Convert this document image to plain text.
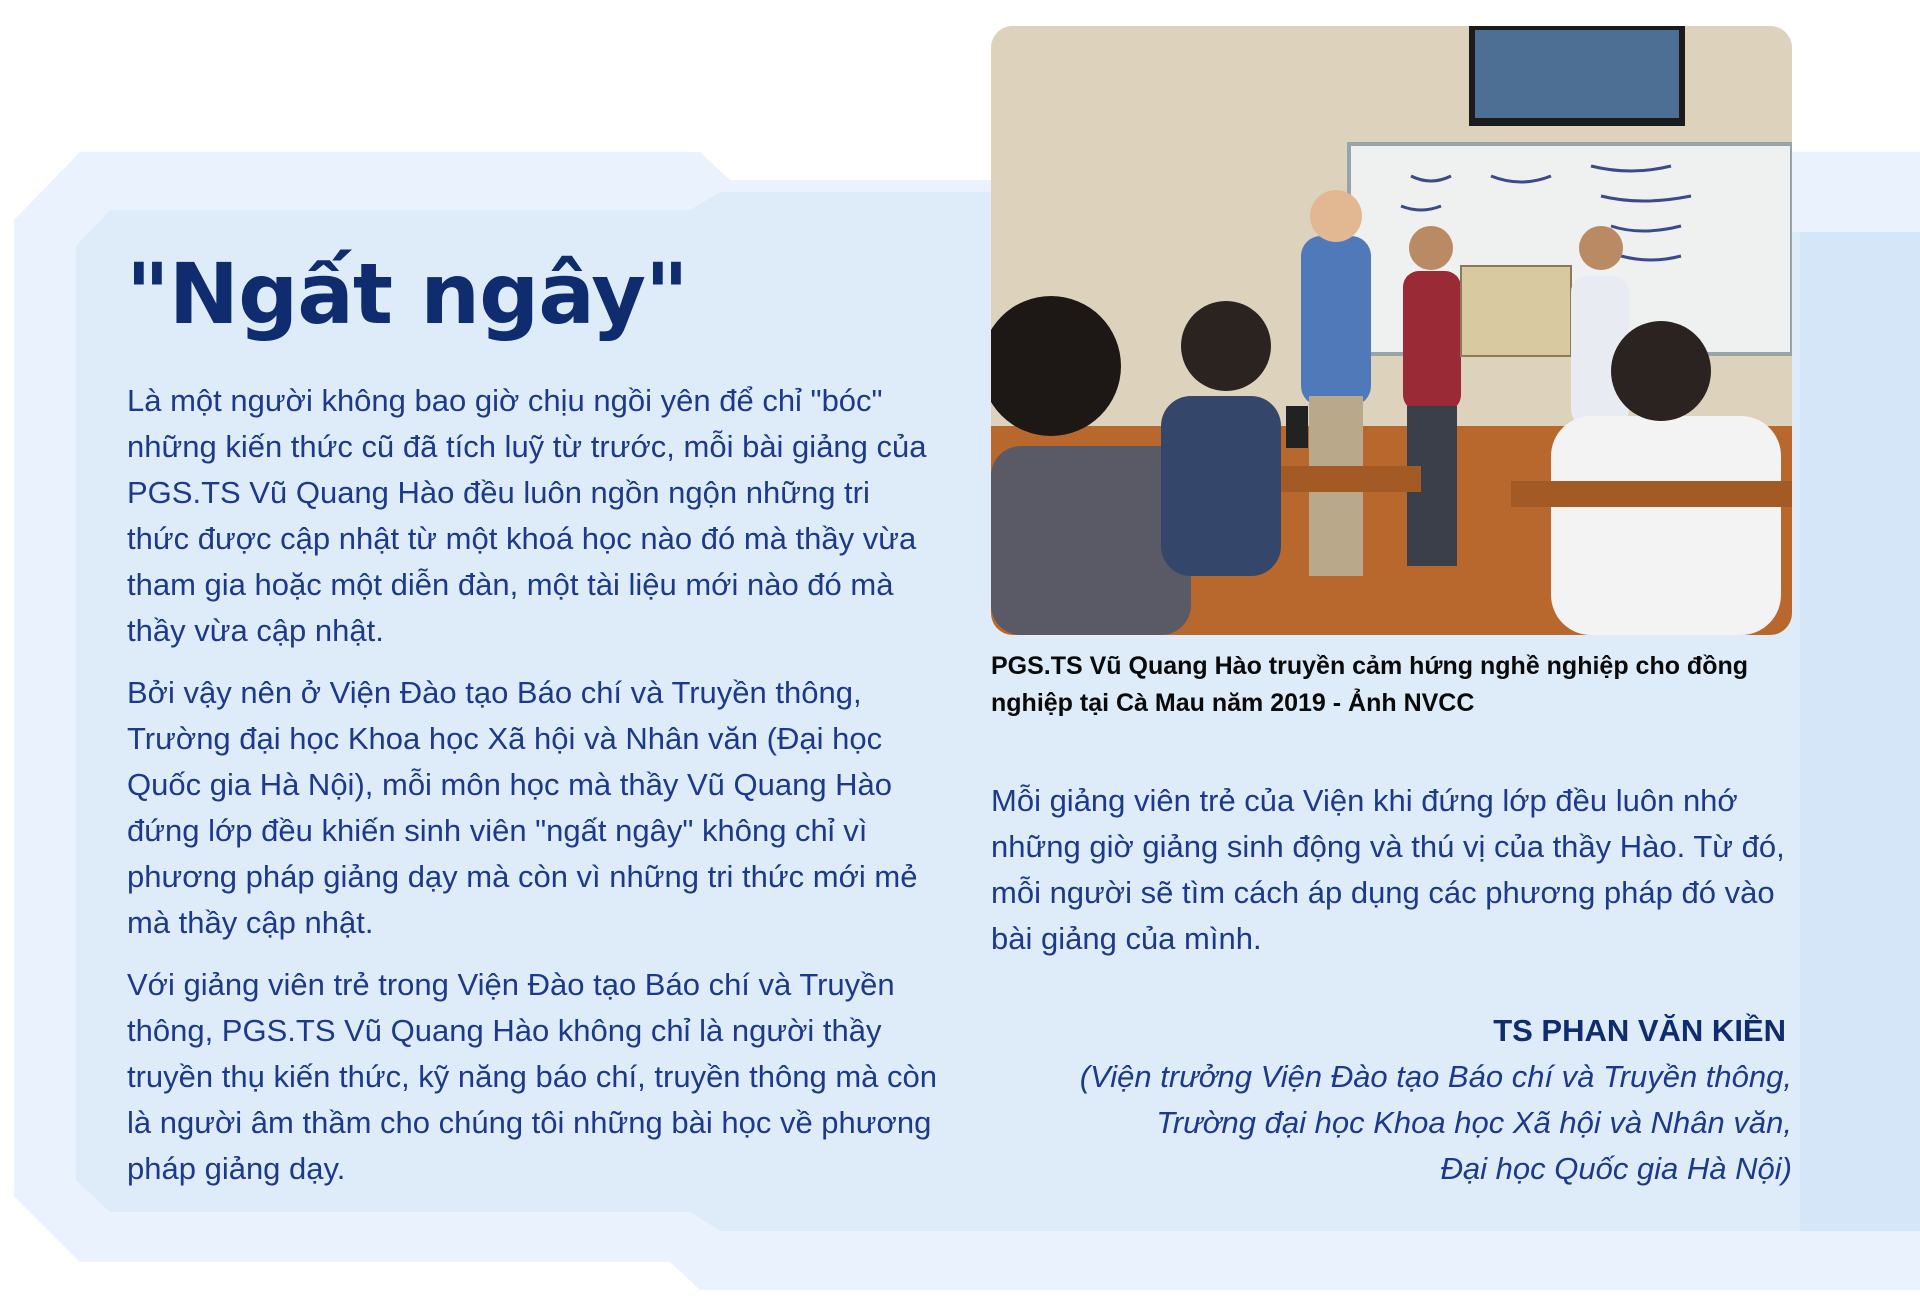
"Ngất ngây"

Là một người không bao giờ chịu ngồi yên để chỉ "bóc" những kiến thức cũ đã tích luỹ từ trước, mỗi bài giảng của PGS.TS Vũ Quang Hào đều luôn ngồn ngộn những tri thức được cập nhật từ một khoá học nào đó mà thầy vừa tham gia hoặc một diễn đàn, một tài liệu mới nào đó mà thầy vừa cập nhật.

Bởi vậy nên ở Viện Đào tạo Báo chí và Truyền thông, Trường đại học Khoa học Xã hội và Nhân văn (Đại học Quốc gia Hà Nội), mỗi môn học mà thầy Vũ Quang Hào đứng lớp đều khiến sinh viên "ngất ngây" không chỉ vì phương pháp giảng dạy mà còn vì những tri thức mới mẻ mà thầy cập nhật.

Với giảng viên trẻ trong Viện Đào tạo Báo chí và Truyền thông, PGS.TS Vũ Quang Hào không chỉ là người thầy truyền thụ kiến thức, kỹ năng báo chí, truyền thông mà còn là người âm thầm cho chúng tôi những bài học về phương pháp giảng dạy.

PGS.TS Vũ Quang Hào truyền cảm hứng nghề nghiệp cho đồng nghiệp tại Cà Mau năm 2019 - Ảnh NVCC

Mỗi giảng viên trẻ của Viện khi đứng lớp đều luôn nhớ những giờ giảng sinh động và thú vị của thầy Hào. Từ đó, mỗi người sẽ tìm cách áp dụng các phương pháp đó vào bài giảng của mình.

TS PHAN VĂN KIỀN

(Viện trưởng Viện Đào tạo Báo chí và Truyền thông,
Trường đại học Khoa học Xã hội và Nhân văn,
Đại học Quốc gia Hà Nội)
